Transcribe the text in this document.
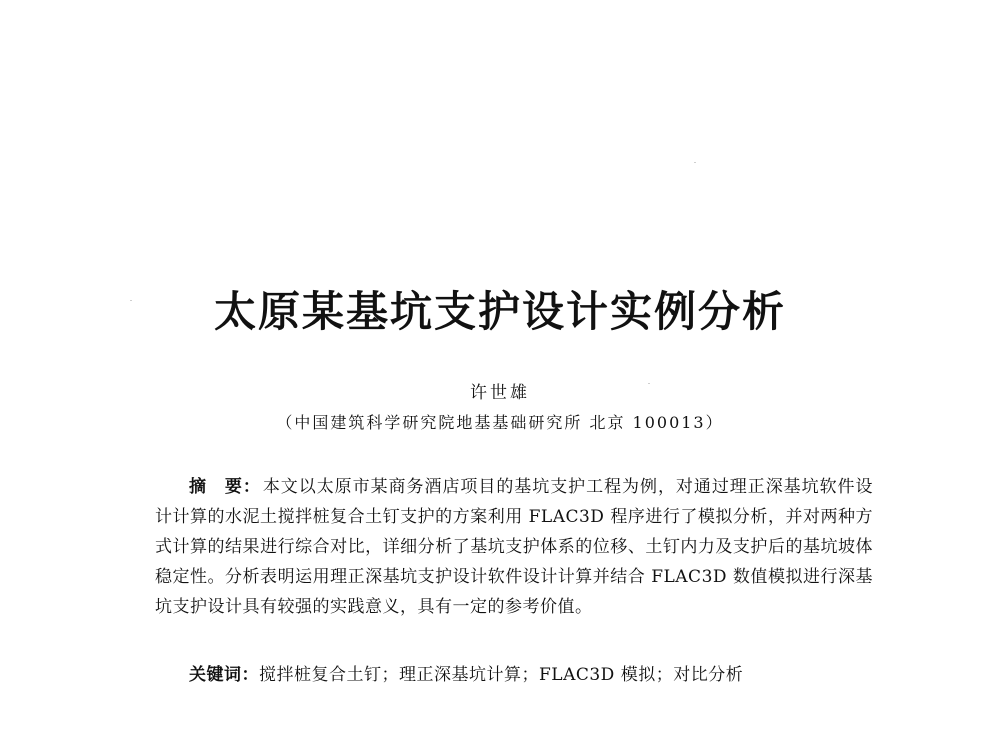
太原某基坑支护设计实例分析
许世雄
（中国建筑科学研究院地基基础研究所 北京 100013）
摘　要： 本文以太原市某商务酒店项目的基坑支护工程为例，对通过理正深基坑软件设计计算的水泥土搅拌桩复合土钉支护的方案利用 FLAC3D 程序进行了模拟分析，并对两种方式计算的结果进行综合对比，详细分析了基坑支护体系的位移、土钉内力及支护后的基坑坡体稳定性。分析表明运用理正深基坑支护设计软件设计计算并结合 FLAC3D 数值模拟进行深基坑支护设计具有较强的实践意义，具有一定的参考价值。
关键词：搅拌桩复合土钉；理正深基坑计算；FLAC3D 模拟；对比分析
